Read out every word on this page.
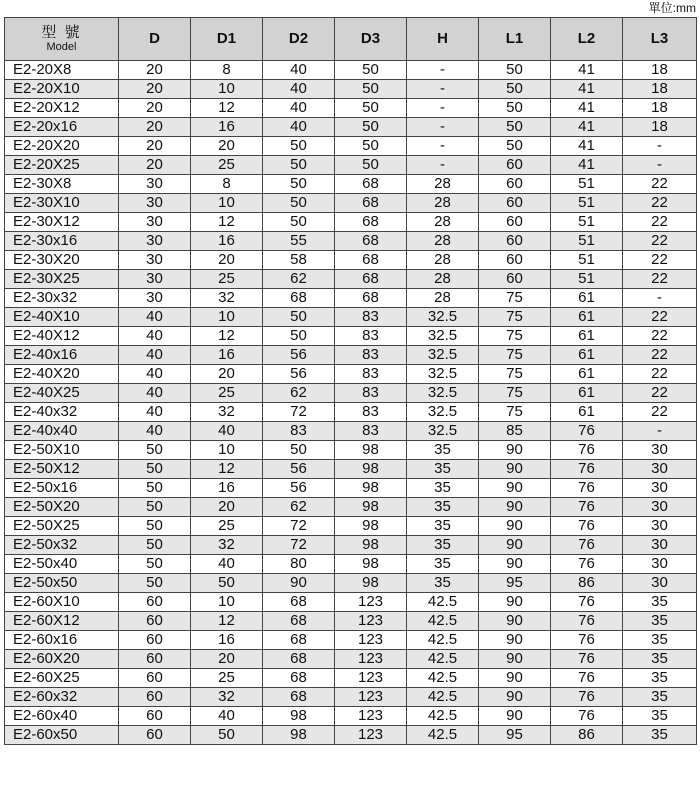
單位:mm
型 號
Model	D	D1	D2	D3	H	L1	L2	L3
E2-20X8	20	8	40	50	-	50	41	18
E2-20X10	20	10	40	50	-	50	41	18
E2-20X12	20	12	40	50	-	50	41	18
E2-20x16	20	16	40	50	-	50	41	18
E2-20X20	20	20	50	50	-	50	41	-
E2-20X25	20	25	50	50	-	60	41	-
E2-30X8	30	8	50	68	28	60	51	22
E2-30X10	30	10	50	68	28	60	51	22
E2-30X12	30	12	50	68	28	60	51	22
E2-30x16	30	16	55	68	28	60	51	22
E2-30X20	30	20	58	68	28	60	51	22
E2-30X25	30	25	62	68	28	60	51	22
E2-30x32	30	32	68	68	28	75	61	-
E2-40X10	40	10	50	83	32.5	75	61	22
E2-40X12	40	12	50	83	32.5	75	61	22
E2-40x16	40	16	56	83	32.5	75	61	22
E2-40X20	40	20	56	83	32.5	75	61	22
E2-40X25	40	25	62	83	32.5	75	61	22
E2-40x32	40	32	72	83	32.5	75	61	22
E2-40x40	40	40	83	83	32.5	85	76	-
E2-50X10	50	10	50	98	35	90	76	30
E2-50X12	50	12	56	98	35	90	76	30
E2-50x16	50	16	56	98	35	90	76	30
E2-50X20	50	20	62	98	35	90	76	30
E2-50X25	50	25	72	98	35	90	76	30
E2-50x32	50	32	72	98	35	90	76	30
E2-50x40	50	40	80	98	35	90	76	30
E2-50x50	50	50	90	98	35	95	86	30
E2-60X10	60	10	68	123	42.5	90	76	35
E2-60X12	60	12	68	123	42.5	90	76	35
E2-60x16	60	16	68	123	42.5	90	76	35
E2-60X20	60	20	68	123	42.5	90	76	35
E2-60X25	60	25	68	123	42.5	90	76	35
E2-60x32	60	32	68	123	42.5	90	76	35
E2-60x40	60	40	98	123	42.5	90	76	35
E2-60x50	60	50	98	123	42.5	95	86	35
